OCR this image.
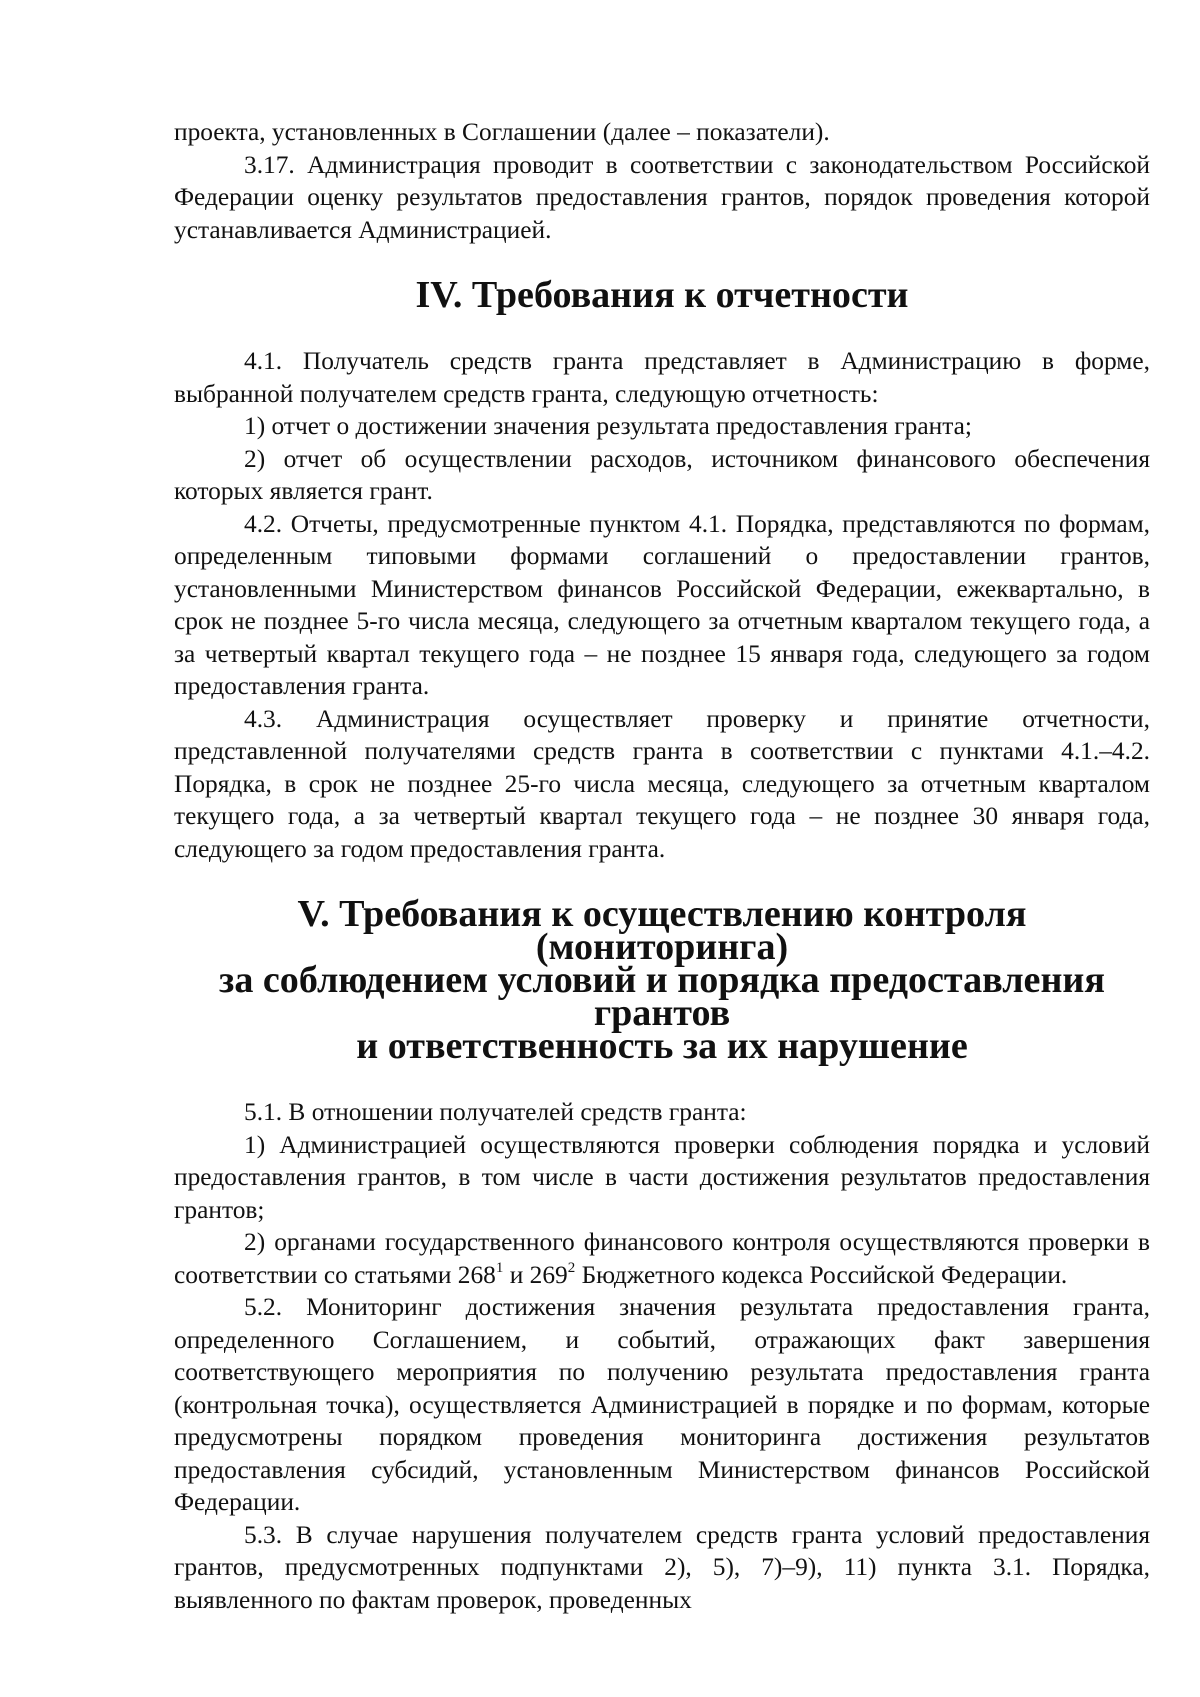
проекта, установленных в Соглашении (далее – показатели).

3.17. Администрация проводит в соответствии с законодательством Российской Федерации оценку результатов предоставления грантов, порядок проведения которой устанавливается Администрацией.

IV. Требования к отчетности

4.1. Получатель средств гранта представляет в Администрацию в форме, выбранной получателем средств гранта, следующую отчетность:

1) отчет о достижении значения результата предоставления гранта;

2) отчет об осуществлении расходов, источником финансового обеспечения которых является грант.

4.2. Отчеты, предусмотренные пунктом 4.1. Порядка, представляются по формам, определенным типовыми формами соглашений о предоставлении грантов, установленными Министерством финансов Российской Федерации, ежеквартально, в срок не позднее 5-го числа месяца, следующего за отчетным кварталом текущего года, а за четвертый квартал текущего года – не позднее 15 января года, следующего за годом предоставления гранта.

4.3. Администрация осуществляет проверку и принятие отчетности, представленной получателями средств гранта в соответствии с пунктами 4.1.–4.2. Порядка, в срок не позднее 25-го числа месяца, следующего за отчетным кварталом текущего года, а за четвертый квартал текущего года – не позднее 30 января года, следующего за годом предоставления гранта.

V. Требования к осуществлению контроля (мониторинга)
за соблюдением условий и порядка предоставления грантов
и ответственность за их нарушение

5.1. В отношении получателей средств гранта:

1) Администрацией осуществляются проверки соблюдения порядка и условий предоставления грантов, в том числе в части достижения результатов предоставления грантов;

2) органами государственного финансового контроля осуществляются проверки в соответствии со статьями $268^1$ и $269^2$ Бюджетного кодекса Российской Федерации.

5.2. Мониторинг достижения значения результата предоставления гранта, определенного Соглашением, и событий, отражающих факт завершения соответствующего мероприятия по получению результата предоставления гранта (контрольная точка), осуществляется Администрацией в порядке и по формам, которые предусмотрены порядком проведения мониторинга достижения результатов предоставления субсидий, установленным Министерством финансов Российской Федерации.

5.3. В случае нарушения получателем средств гранта условий предоставления грантов, предусмотренных подпунктами 2), 5), 7)–9), 11) пункта 3.1. Порядка, выявленного по фактам проверок, проведенных
